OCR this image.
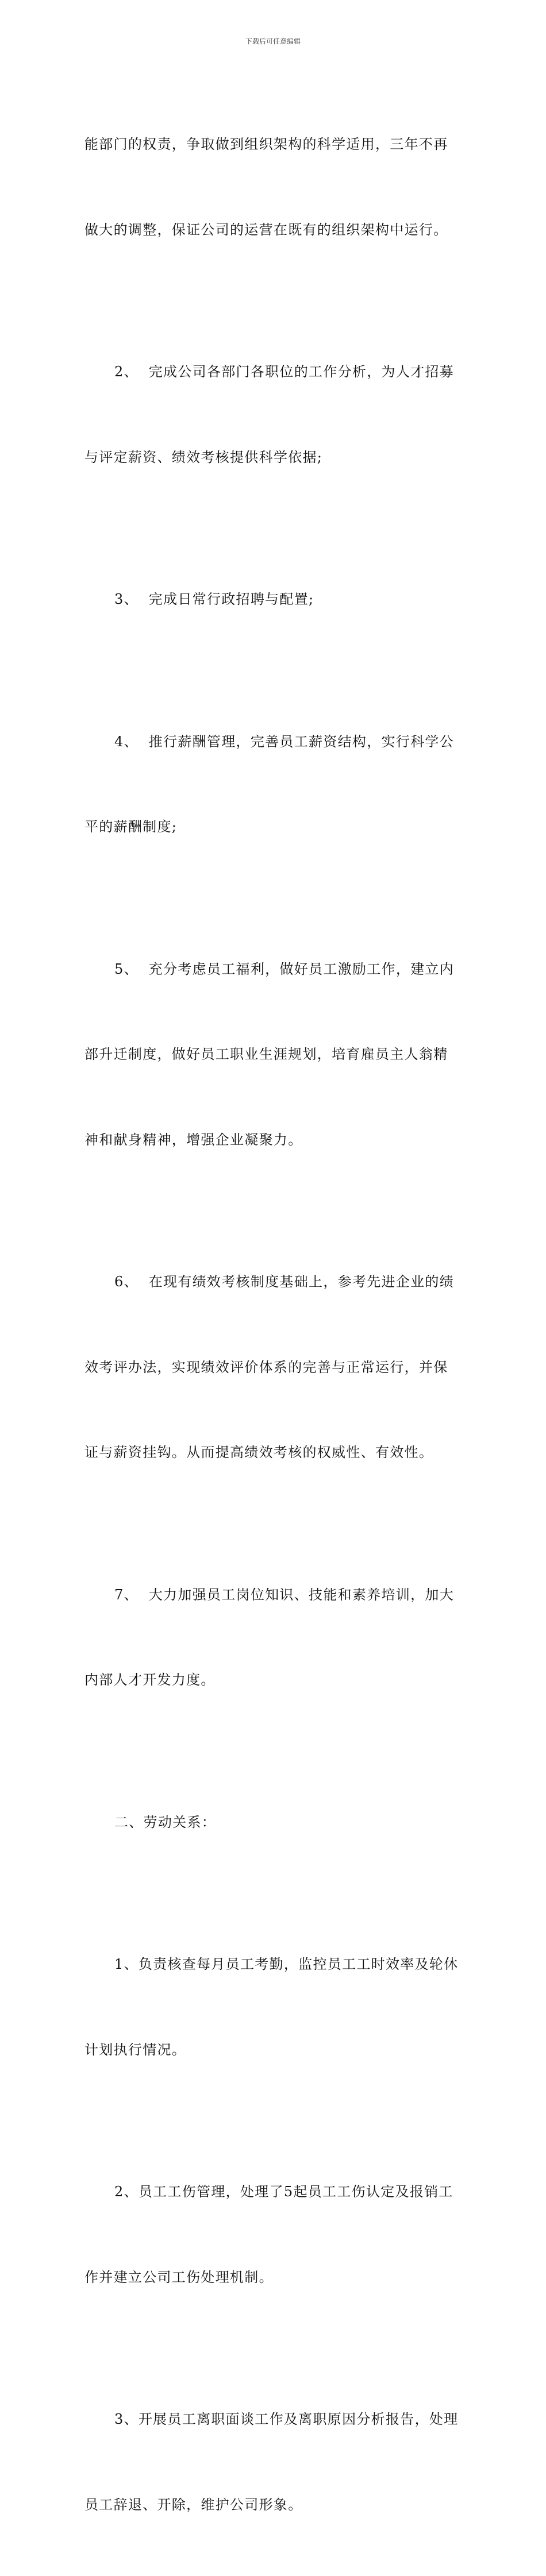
下载后可任意编辑

能部门的权责，争取做到组织架构的科学适用，三年不再

做大的调整，保证公司的运营在既有的组织架构中运行。

2、  完成公司各部门各职位的工作分析，为人才招募

与评定薪资、绩效考核提供科学依据;

3、  完成日常行政招聘与配置;

4、  推行薪酬管理，完善员工薪资结构，实行科学公

平的薪酬制度;

5、  充分考虑员工福利，做好员工激励工作，建立内

部升迁制度，做好员工职业生涯规划，培育雇员主人翁精

神和献身精神，增强企业凝聚力。

6、  在现有绩效考核制度基础上，参考先进企业的绩

效考评办法，实现绩效评价体系的完善与正常运行，并保

证与薪资挂钩。从而提高绩效考核的权威性、有效性。

7、  大力加强员工岗位知识、技能和素养培训，加大

内部人才开发力度。

二、劳动关系：

1、负责核查每月员工考勤，监控员工工时效率及轮休

计划执行情况。

2、员工工伤管理，处理了5起员工工伤认定及报销工

作并建立公司工伤处理机制。

3、开展员工离职面谈工作及离职原因分析报告，处理

员工辞退、开除，维护公司形象。
